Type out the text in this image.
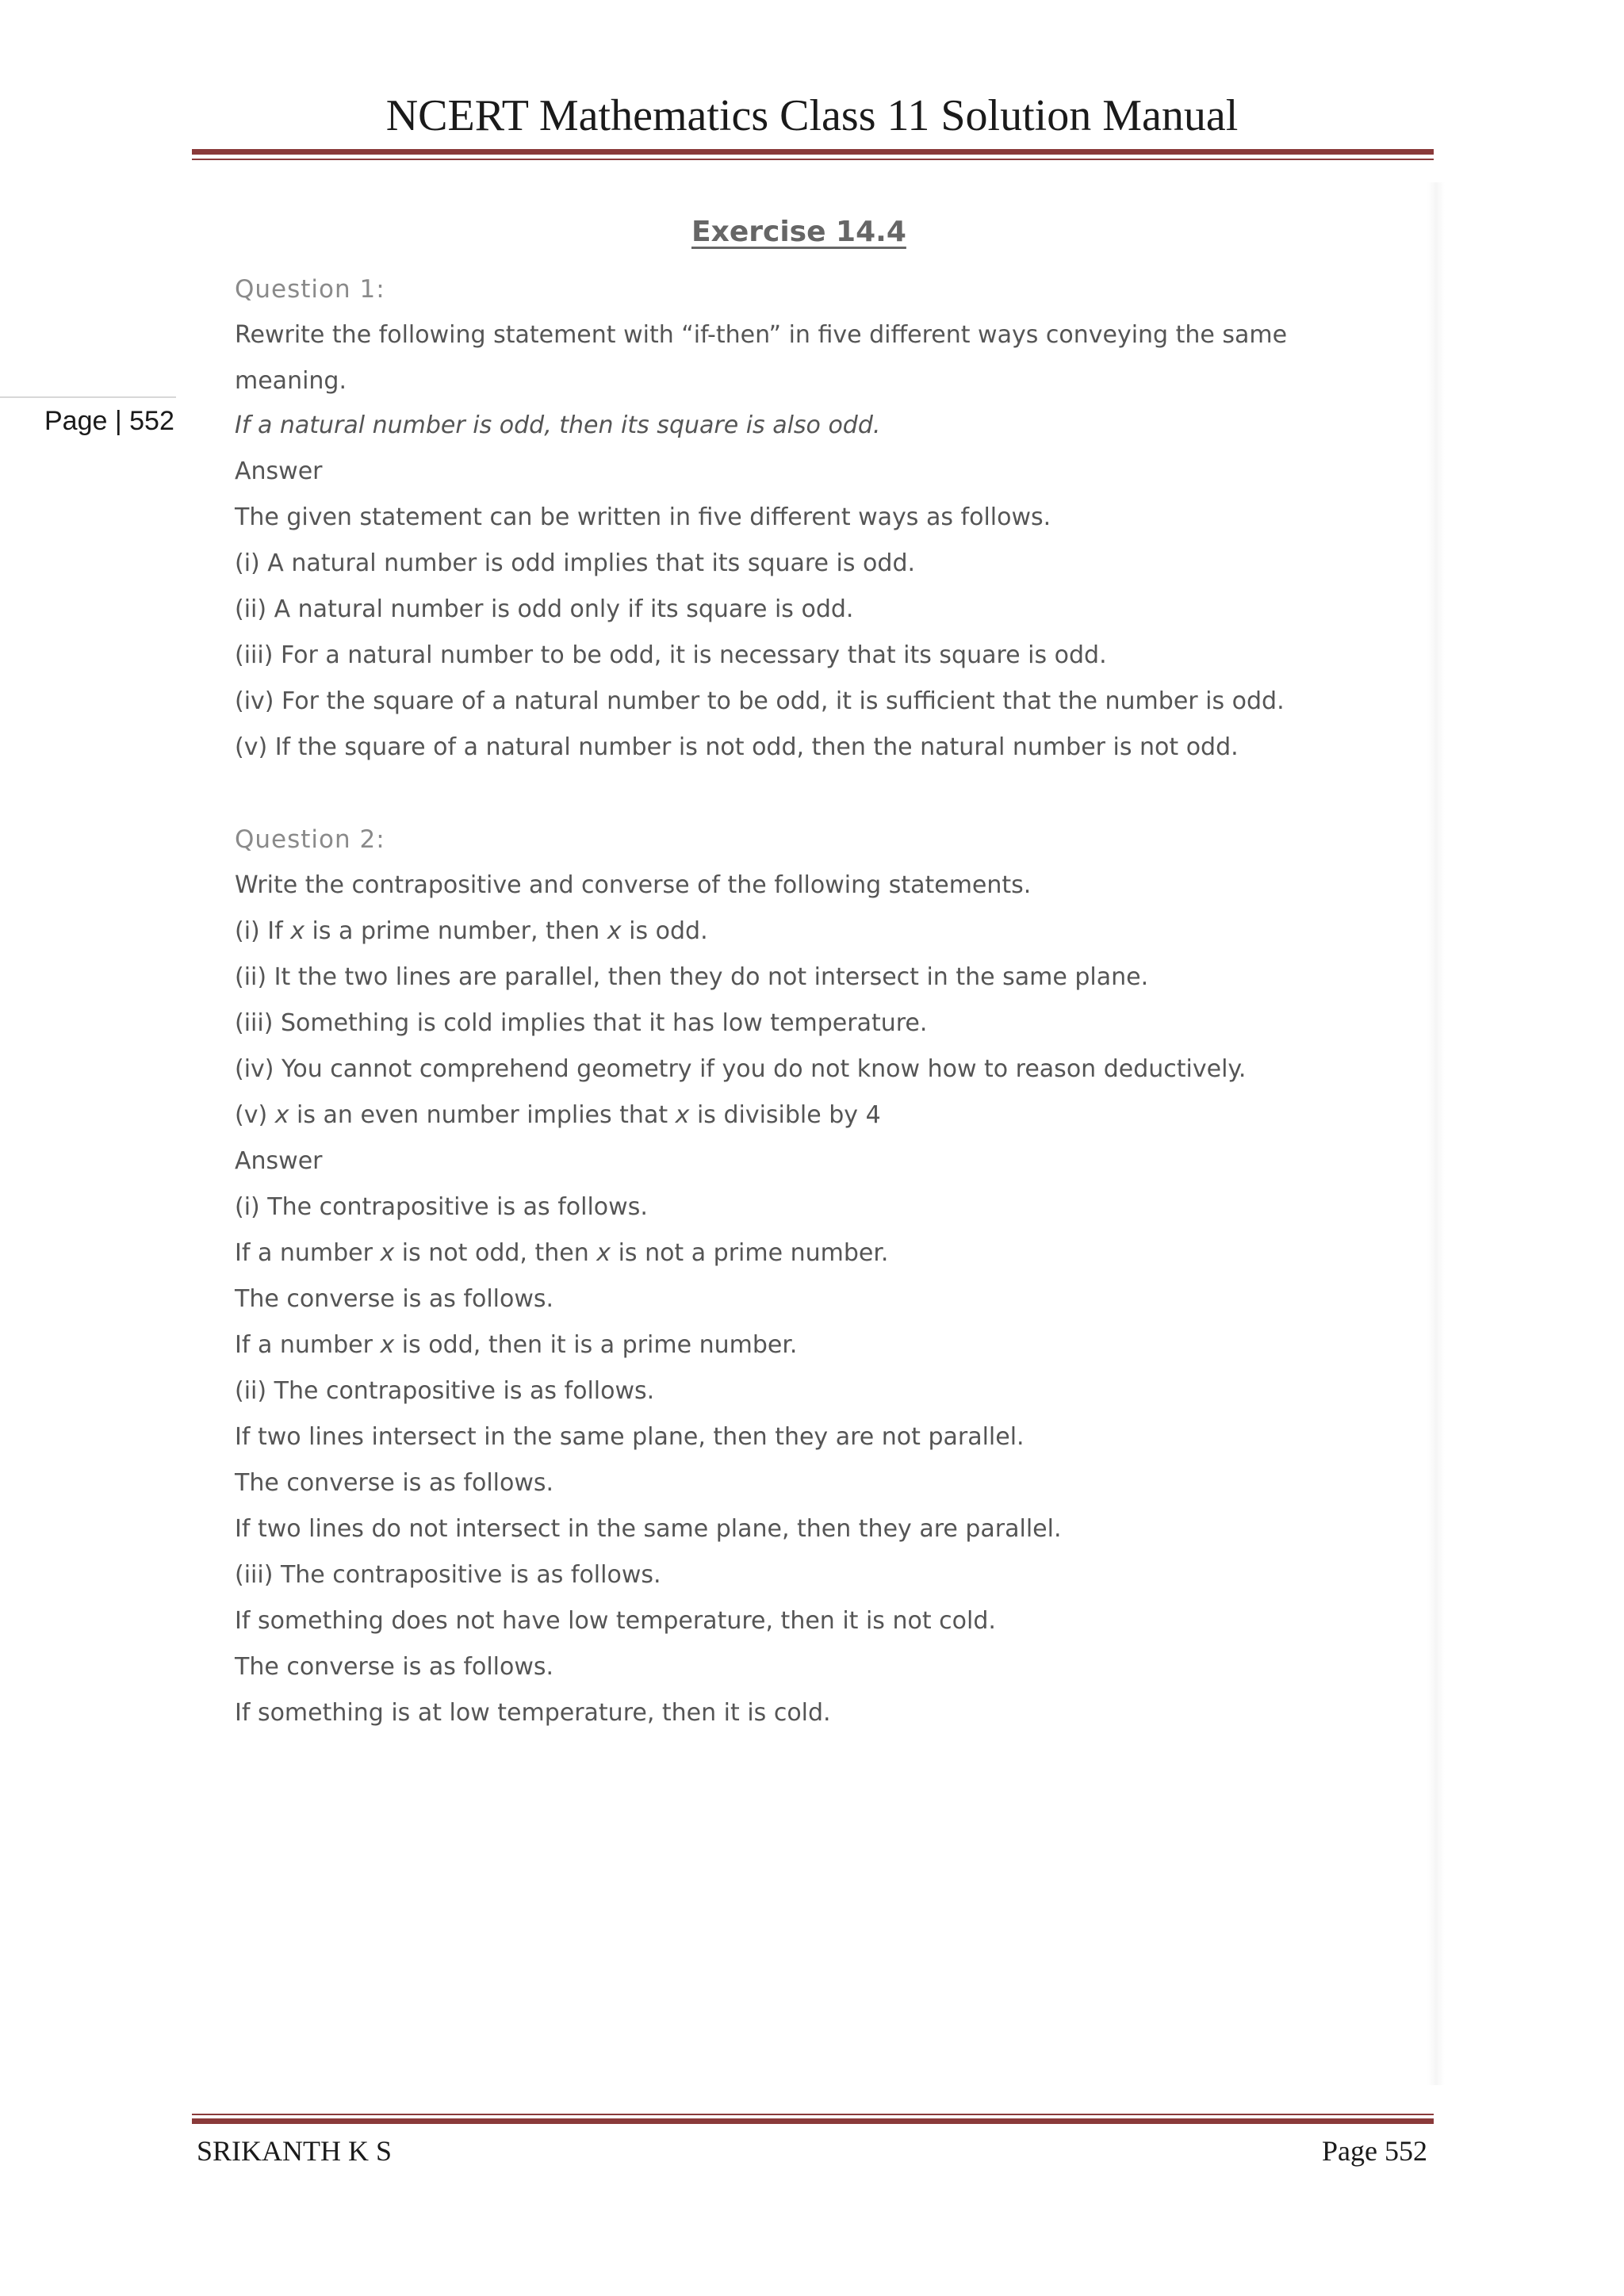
NCERT Mathematics Class 11 Solution Manual
Page | 552
Exercise 14.4
Question 1:
Rewrite the following statement with “if-then” in five different ways conveying the same
meaning.
If a natural number is odd, then its square is also odd.
Answer
The given statement can be written in five different ways as follows.
(i) A natural number is odd implies that its square is odd.
(ii) A natural number is odd only if its square is odd.
(iii) For a natural number to be odd, it is necessary that its square is odd.
(iv) For the square of a natural number to be odd, it is sufficient that the number is odd.
(v) If the square of a natural number is not odd, then the natural number is not odd.
Question 2:
Write the contrapositive and converse of the following statements.
(i) If x is a prime number, then x is odd.
(ii) It the two lines are parallel, then they do not intersect in the same plane.
(iii) Something is cold implies that it has low temperature.
(iv) You cannot comprehend geometry if you do not know how to reason deductively.
(v) x is an even number implies that x is divisible by 4
Answer
(i) The contrapositive is as follows.
If a number x is not odd, then x is not a prime number.
The converse is as follows.
If a number x is odd, then it is a prime number.
(ii) The contrapositive is as follows.
If two lines intersect in the same plane, then they are not parallel.
The converse is as follows.
If two lines do not intersect in the same plane, then they are parallel.
(iii) The contrapositive is as follows.
If something does not have low temperature, then it is not cold.
The converse is as follows.
If something is at low temperature, then it is cold.
SRIKANTH K S	Page 552
